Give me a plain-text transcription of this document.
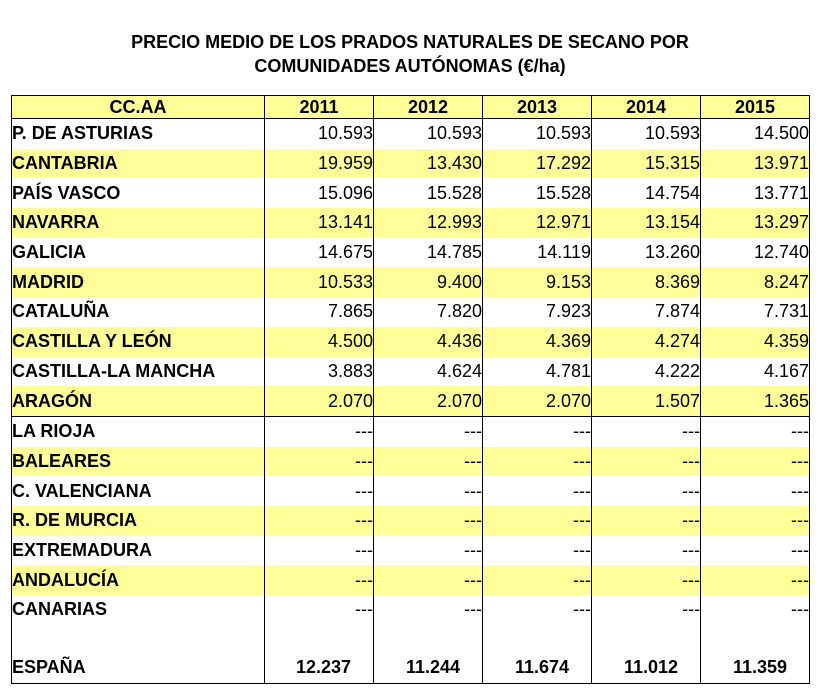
PRECIO MEDIO DE LOS PRADOS NATURALES DE SECANO POR
COMUNIDADES AUTÓNOMAS (€/ha)
CC.AA	2011	2012	2013	2014	2015
P. DE ASTURIAS	10.593	10.593	10.593	10.593	14.500
CANTABRIA	19.959	13.430	17.292	15.315	13.971
PAÍS VASCO	15.096	15.528	15.528	14.754	13.771
NAVARRA	13.141	12.993	12.971	13.154	13.297
GALICIA	14.675	14.785	14.119	13.260	12.740
MADRID	10.533	9.400	9.153	8.369	8.247
CATALUÑA	7.865	7.820	7.923	7.874	7.731
CASTILLA Y LEÓN	4.500	4.436	4.369	4.274	4.359
CASTILLA-LA MANCHA	3.883	4.624	4.781	4.222	4.167
ARAGÓN	2.070	2.070	2.070	1.507	1.365
LA RIOJA	---	---	---	---	---
BALEARES	---	---	---	---	---
C. VALENCIANA	---	---	---	---	---
R. DE MURCIA	---	---	---	---	---
EXTREMADURA	---	---	---	---	---
ANDALUCÍA	---	---	---	---	---
CANARIAS	---	---	---	---	---

ESPAÑA	12.237	11.244	11.674	11.012	11.359
